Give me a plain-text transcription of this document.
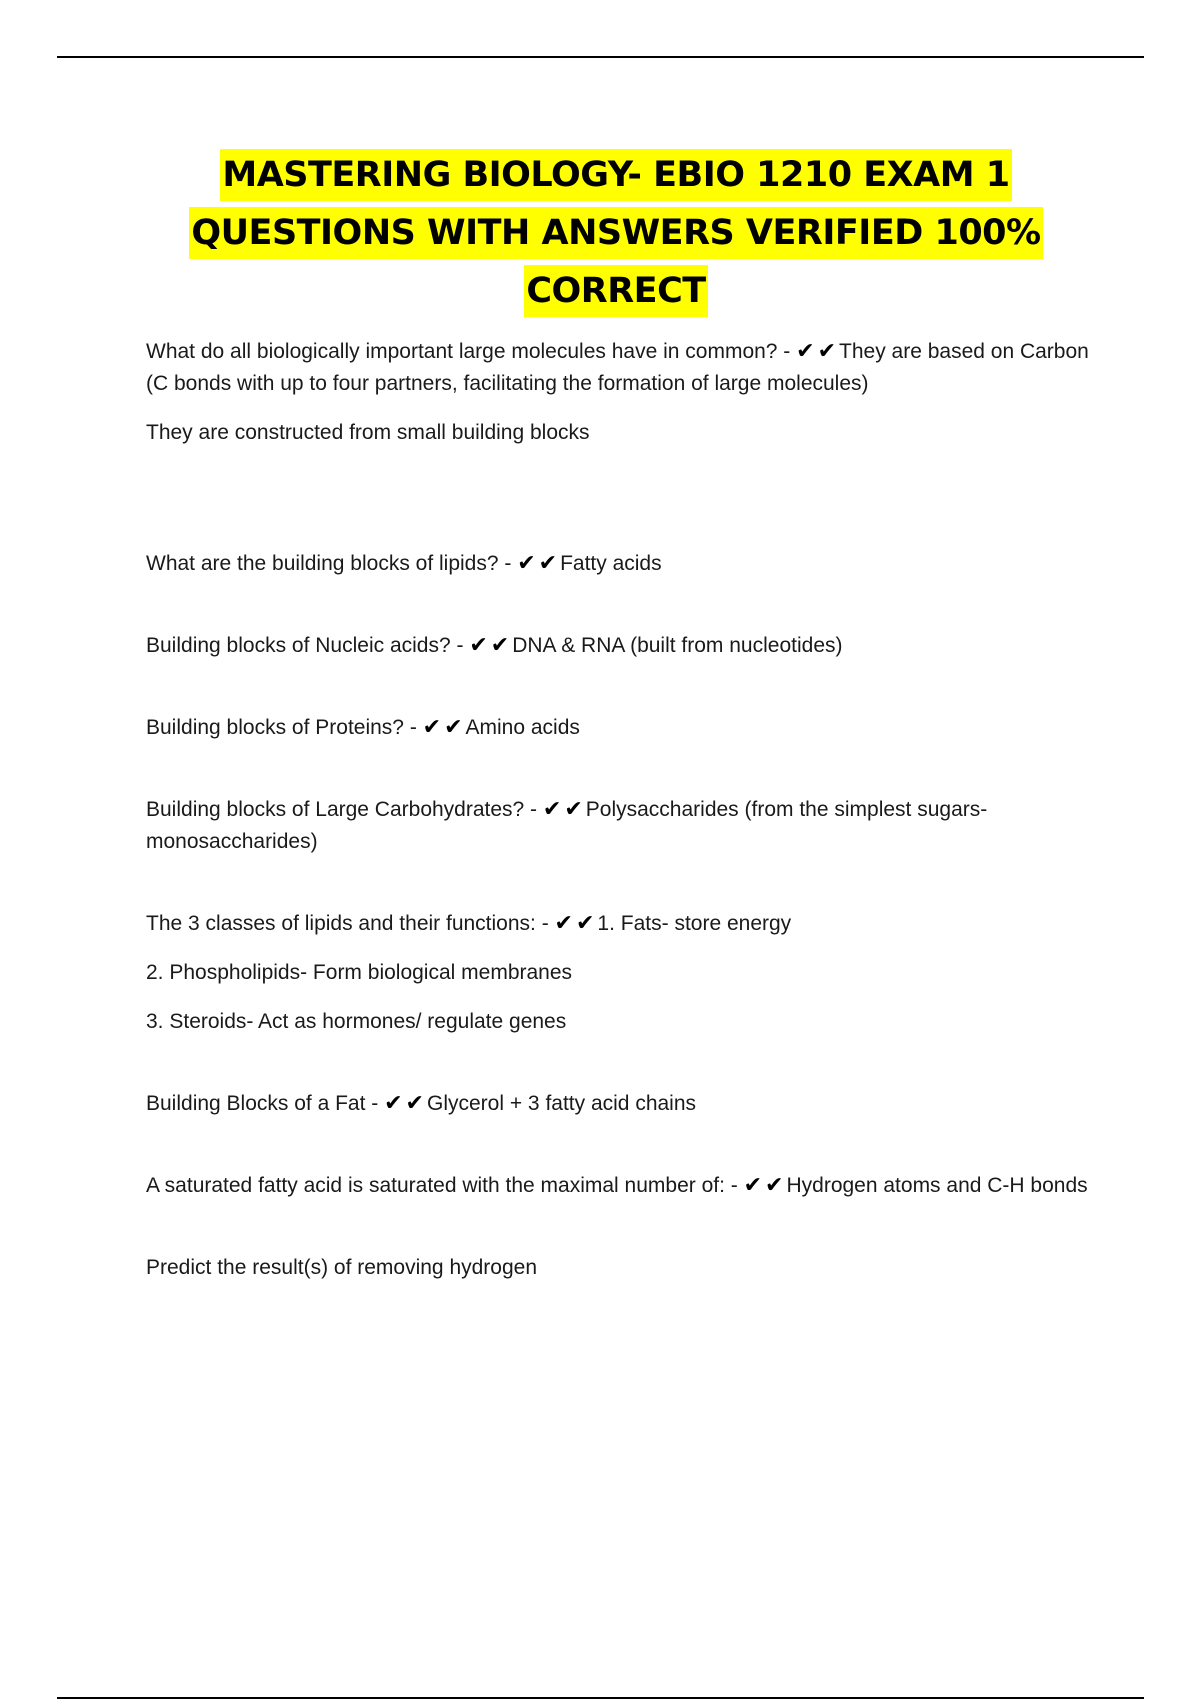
MASTERING BIOLOGY- EBIO 1210 EXAM 1 QUESTIONS WITH ANSWERS VERIFIED 100% CORRECT

What do all biologically important large molecules have in common? - ✔✔They are based on Carbon (C bonds with up to four partners, facilitating the formation of large molecules)

They are constructed from small building blocks

What are the building blocks of lipids? - ✔✔Fatty acids

Building blocks of Nucleic acids? - ✔✔DNA & RNA (built from nucleotides)

Building blocks of Proteins? - ✔✔Amino acids

Building blocks of Large Carbohydrates? - ✔✔Polysaccharides (from the simplest sugars- monosaccharides)

The 3 classes of lipids and their functions: - ✔✔1. Fats- store energy

2. Phospholipids- Form biological membranes

3. Steroids- Act as hormones/ regulate genes

Building Blocks of a Fat - ✔✔Glycerol + 3 fatty acid chains

A saturated fatty acid is saturated with the maximal number of: - ✔✔Hydrogen atoms and C-H bonds

Predict the result(s) of removing hydrogen
